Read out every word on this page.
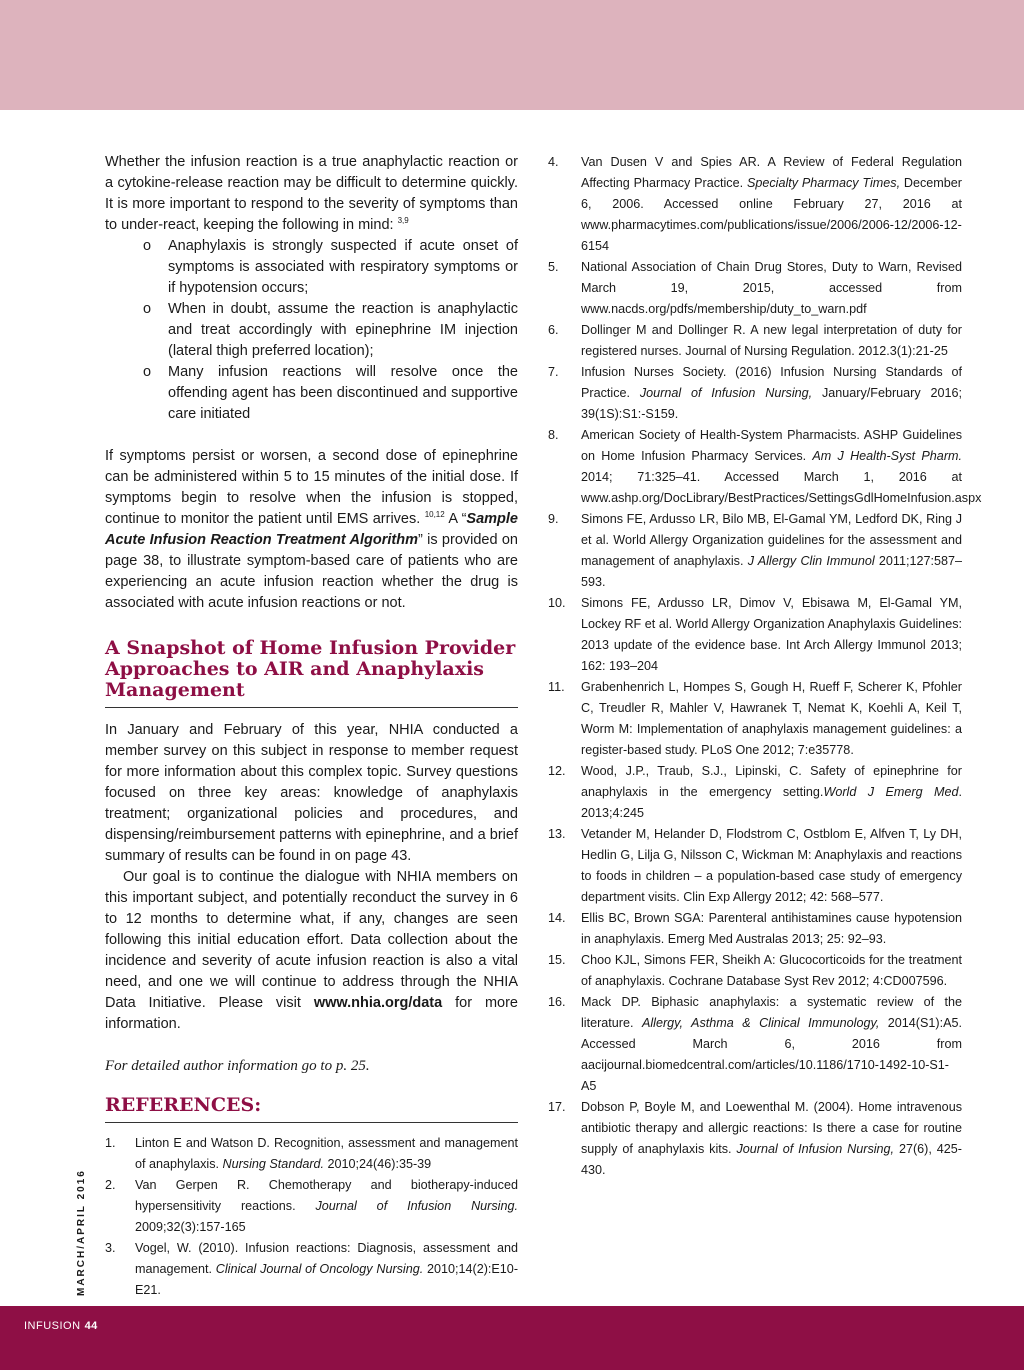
Whether the infusion reaction is a true anaphylactic reaction or a cytokine-release reaction may be difficult to determine quickly. It is more important to respond to the severity of symptoms than to under-react, keeping the following in mind: $^{3,9}$

o Anaphylaxis is strongly suspected if acute onset of symptoms is associated with respiratory symptoms or if hypotension occurs;
o When in doubt, assume the reaction is anaphylactic and treat accordingly with epinephrine IM injection (lateral thigh preferred location);
o Many infusion reactions will resolve once the offending agent has been discontinued and supportive care initiated

If symptoms persist or worsen, a second dose of epinephrine can be administered within 5 to 15 minutes of the initial dose. If symptoms begin to resolve when the infusion is stopped, continue to monitor the patient until EMS arrives. $^{10,12}$ A “Sample Acute Infusion Reaction Treatment Algorithm” is provided on page 38, to illustrate symptom-based care of patients who are experiencing an acute infusion reaction whether the drug is associated with acute infusion reactions or not.

A Snapshot of Home Infusion Provider Approaches to AIR and Anaphylaxis Management

In January and February of this year, NHIA conducted a member survey on this subject in response to member request for more information about this complex topic. Survey questions focused on three key areas: knowledge of anaphylaxis treatment; organizational policies and procedures, and dispensing/reimbursement patterns with epinephrine, and a brief summary of results can be found in on page 43.

Our goal is to continue the dialogue with NHIA members on this important subject, and potentially reconduct the survey in 6 to 12 months to determine what, if any, changes are seen following this initial education effort. Data collection about the incidence and severity of acute infusion reaction is also a vital need, and one we will continue to address through the NHIA Data Initiative. Please visit www.nhia.org/data for more information.

For detailed author information go to p. 25.

REFERENCES:
1. Linton E and Watson D. Recognition, assessment and management of anaphylaxis. Nursing Standard. 2010;24(46):35-39
2. Van Gerpen R. Chemotherapy and biotherapy-induced hypersensitivity reactions. Journal of Infusion Nursing. 2009;32(3):157-165
3. Vogel, W. (2010). Infusion reactions: Diagnosis, assessment and management. Clinical Journal of Oncology Nursing. 2010;14(2):E10-E21.
4. Van Dusen V and Spies AR. A Review of Federal Regulation Affecting Pharmacy Practice. Specialty Pharmacy Times, December 6, 2006. Accessed online February 27, 2016 at www.pharmacytimes.com/publications/issue/2006/2006-12/2006-12-6154
5. National Association of Chain Drug Stores, Duty to Warn, Revised March 19, 2015, accessed from www.nacds.org/pdfs/membership/duty_to_warn.pdf
6. Dollinger M and Dollinger R. A new legal interpretation of duty for registered nurses. Journal of Nursing Regulation. 2012.3(1):21-25
7. Infusion Nurses Society. (2016) Infusion Nursing Standards of Practice. Journal of Infusion Nursing, January/February 2016; 39(1S):S1:-S159.
8. American Society of Health-System Pharmacists. ASHP Guidelines on Home Infusion Pharmacy Services. Am J Health-Syst Pharm. 2014; 71:325–41. Accessed March 1, 2016 at www.ashp.org/DocLibrary/BestPractices/SettingsGdlHomeInfusion.aspx
9. Simons FE, Ardusso LR, Bilo MB, El-Gamal YM, Ledford DK, Ring J et al. World Allergy Organization guidelines for the assessment and management of anaphylaxis. J Allergy Clin Immunol 2011;127:587–593.
10. Simons FE, Ardusso LR, Dimov V, Ebisawa M, El-Gamal YM, Lockey RF et al. World Allergy Organization Anaphylaxis Guidelines: 2013 update of the evidence base. Int Arch Allergy Immunol 2013; 162: 193–204
11. Grabenhenrich L, Hompes S, Gough H, Rueff F, Scherer K, Pfohler C, Treudler R, Mahler V, Hawranek T, Nemat K, Koehli A, Keil T, Worm M: Implementation of anaphylaxis management guidelines: a register-based study. PLoS One 2012; 7:e35778.
12. Wood, J.P., Traub, S.J., Lipinski, C. Safety of epinephrine for anaphylaxis in the emergency setting.World J Emerg Med. 2013;4:245
13. Vetander M, Helander D, Flodstrom C, Ostblom E, Alfven T, Ly DH, Hedlin G, Lilja G, Nilsson C, Wickman M: Anaphylaxis and reactions to foods in children – a population-based case study of emergency department visits. Clin Exp Allergy 2012; 42: 568–577.
14. Ellis BC, Brown SGA: Parenteral antihistamines cause hypotension in anaphylaxis. Emerg Med Australas 2013; 25: 92–93.
15. Choo KJL, Simons FER, Sheikh A: Glucocorticoids for the treatment of anaphylaxis. Cochrane Database Syst Rev 2012; 4:CD007596.
16. Mack DP. Biphasic anaphylaxis: a systematic review of the literature. Allergy, Asthma & Clinical Immunology, 2014(S1):A5. Accessed March 6, 2016 from aacijournal.biomedcentral.com/articles/10.1186/1710-1492-10-S1-A5
17. Dobson P, Boyle M, and Loewenthal M. (2004). Home intravenous antibiotic therapy and allergic reactions: Is there a case for routine supply of anaphylaxis kits. Journal of Infusion Nursing, 27(6), 425-430.
MARCH/APRIL 2016
INFUSION 44
